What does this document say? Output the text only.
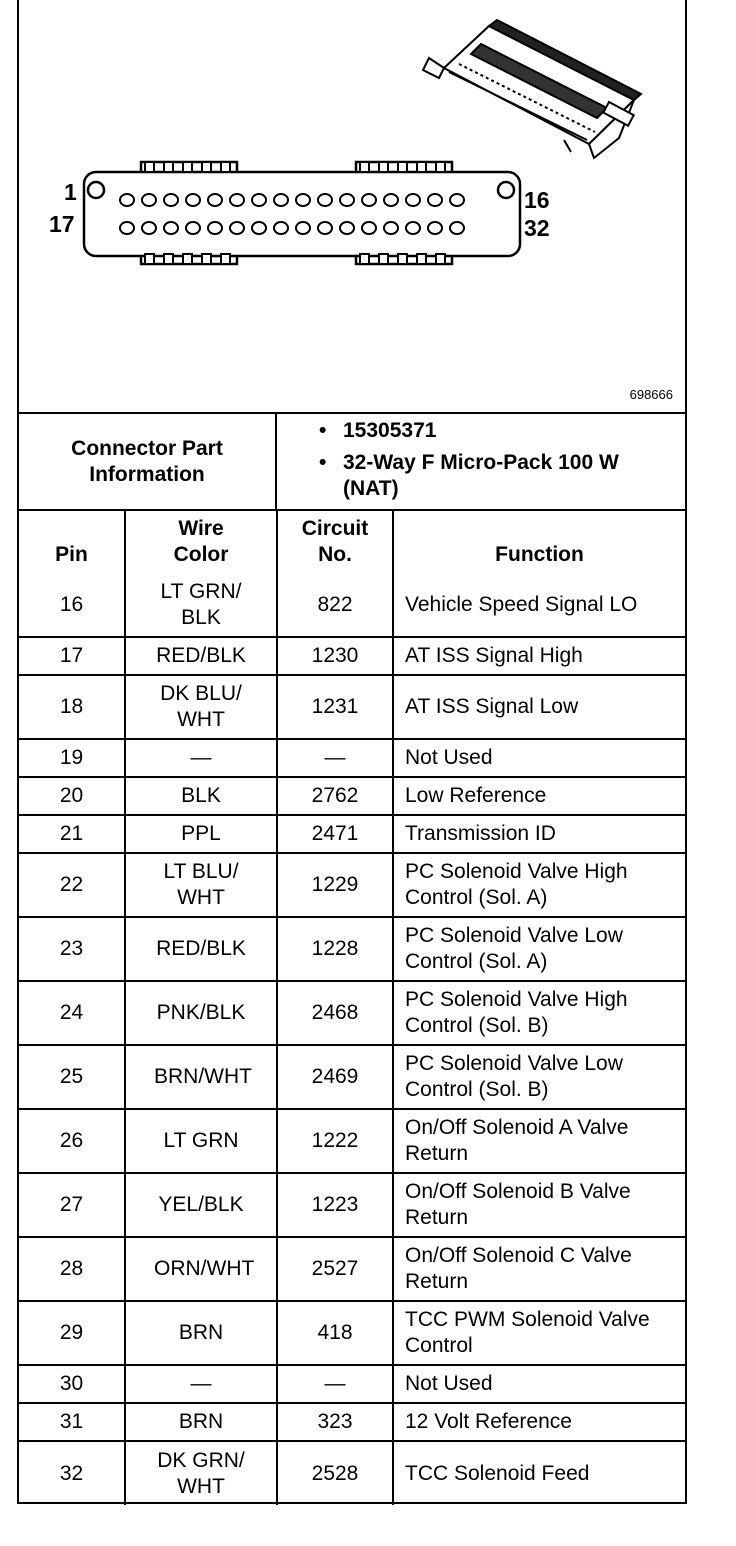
1
17
16
32
698666
Connector Part Information
• 15305371
• 32-Way F Micro-Pack 100 W (NAT)
Pin	Wire Color	Circuit No.	Function
16	LT GRN/ BLK	822	Vehicle Speed Signal LO
17	RED/BLK	1230	AT ISS Signal High
18	DK BLU/ WHT	1231	AT ISS Signal Low
19	—	—	Not Used
20	BLK	2762	Low Reference
21	PPL	2471	Transmission ID
22	LT BLU/ WHT	1229	PC Solenoid Valve High Control (Sol. A)
23	RED/BLK	1228	PC Solenoid Valve Low Control (Sol. A)
24	PNK/BLK	2468	PC Solenoid Valve High Control (Sol. B)
25	BRN/WHT	2469	PC Solenoid Valve Low Control (Sol. B)
26	LT GRN	1222	On/Off Solenoid A Valve Return
27	YEL/BLK	1223	On/Off Solenoid B Valve Return
28	ORN/WHT	2527	On/Off Solenoid C Valve Return
29	BRN	418	TCC PWM Solenoid Valve Control
30	—	—	Not Used
31	BRN	323	12 Volt Reference
32	DK GRN/ WHT	2528	TCC Solenoid Feed
